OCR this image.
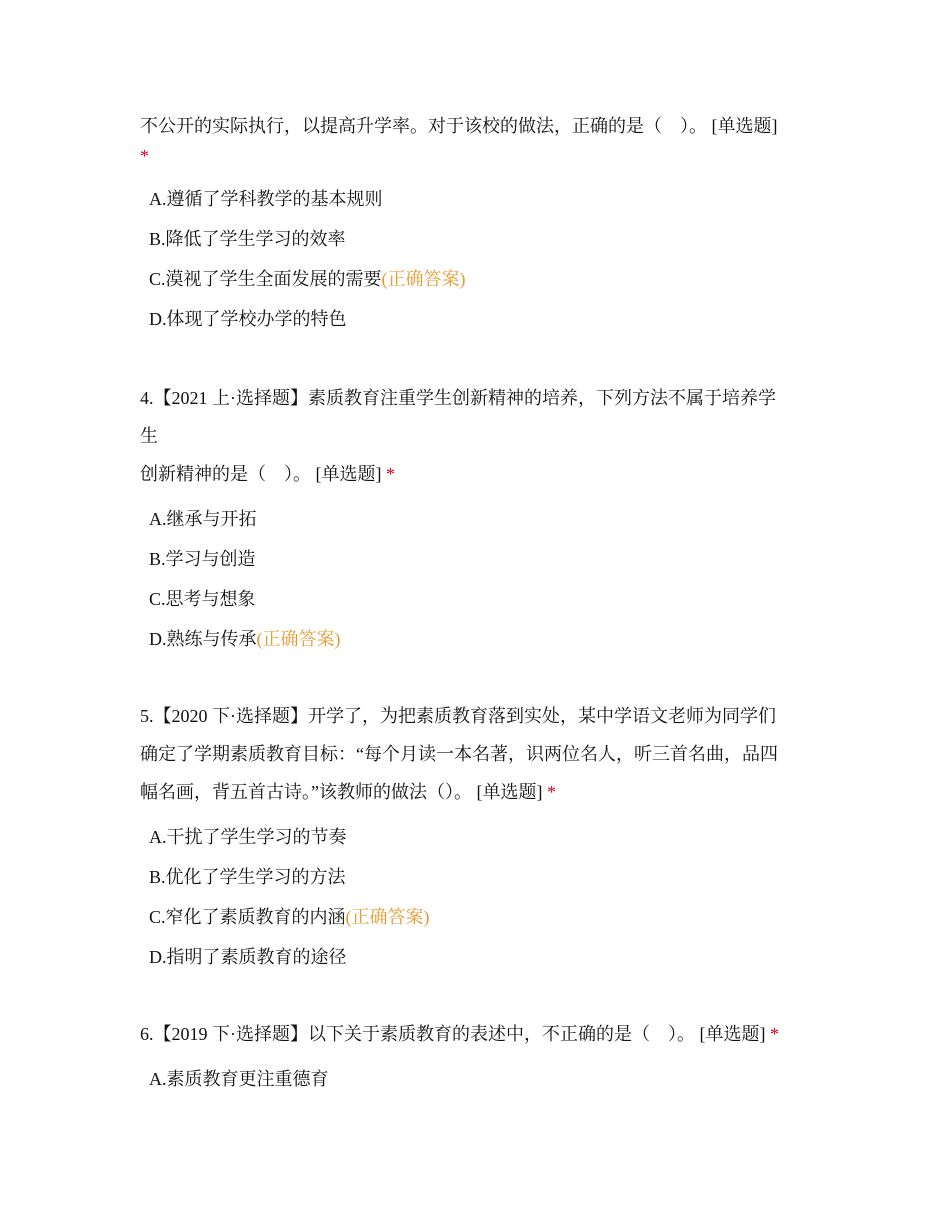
不公开的实际执行，以提高升学率。对于该校的做法，正确的是（　）。 [单选题]
*
A.遵循了学科教学的基本规则
B.降低了学生学习的效率
C.漠视了学生全面发展的需要(正确答案)
D.体现了学校办学的特色
4.【2021 上·选择题】素质教育注重学生创新精神的培养，下列方法不属于培养学
生
创新精神的是（　）。 [单选题] *
A.继承与开拓
B.学习与创造
C.思考与想象
D.熟练与传承(正确答案)
5.【2020 下·选择题】开学了，为把素质教育落到实处，某中学语文老师为同学们
确定了学期素质教育目标：“每个月读一本名著，识两位名人，听三首名曲，品四
幅名画，背五首古诗。”该教师的做法（）。 [单选题] *
A.干扰了学生学习的节奏
B.优化了学生学习的方法
C.窄化了素质教育的内涵(正确答案)
D.指明了素质教育的途径
6.【2019 下·选择题】以下关于素质教育的表述中，不正确的是（　）。 [单选题] *
A.素质教育更注重德育
